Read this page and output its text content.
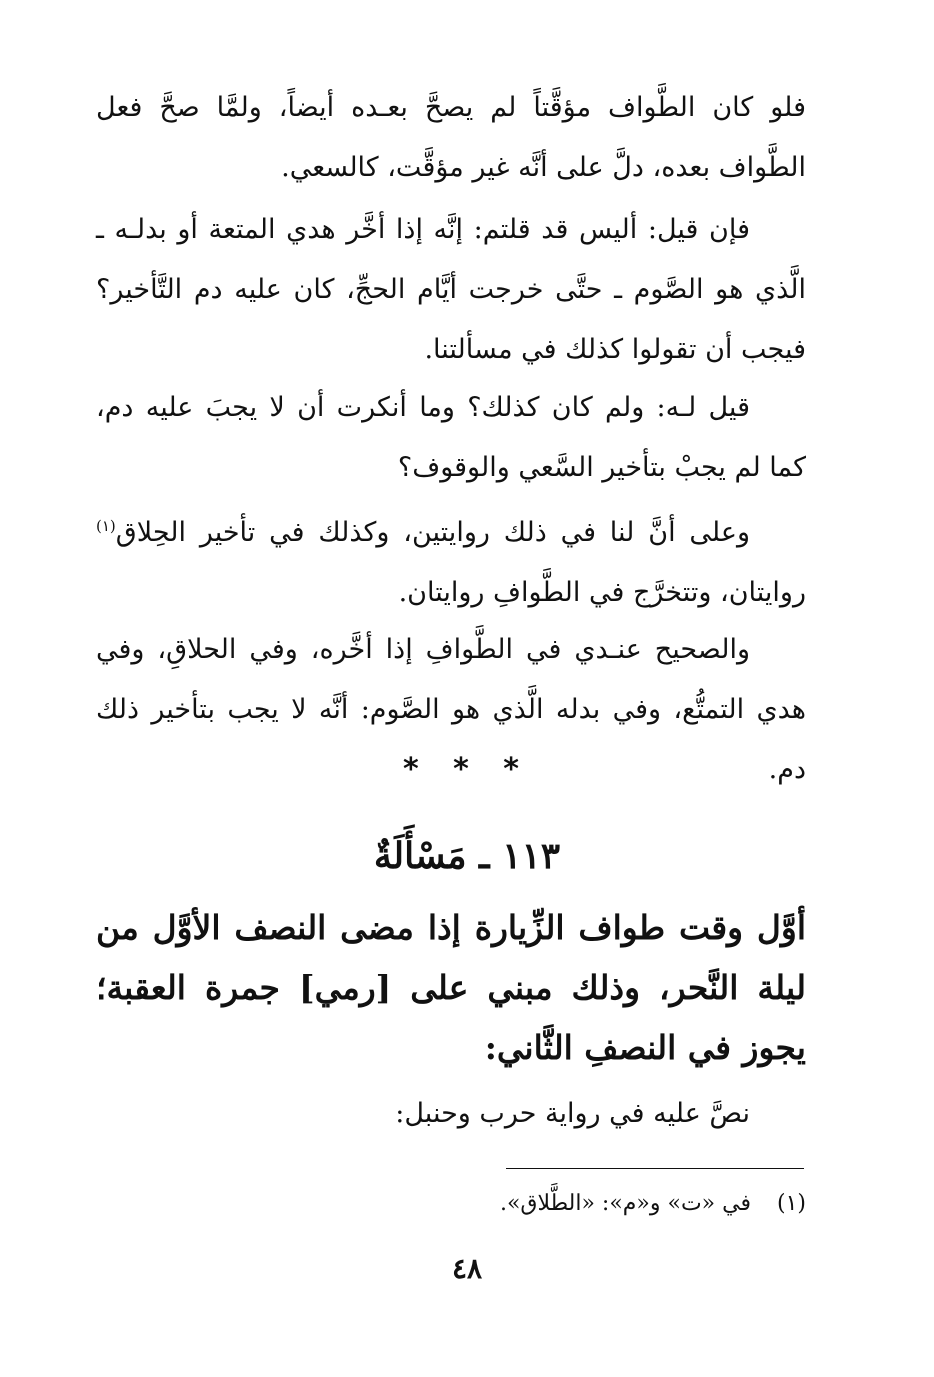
فلو كان الطَّواف مؤقَّتاً لم يصحَّ بعـده أيضاً، ولمَّا صحَّ فعل الطَّواف بعده، دلَّ على أنَّه غير مؤقَّت، كالسعي.

فإن قيل: أليس قد قلتم: إنَّه إذا أخَّر هدي المتعة أو بدلـه ـ الَّذي هو الصَّوم ـ حتَّى خرجت أيَّام الحجِّ، كان عليه دم التَّأخير؟ فيجب أن تقولوا كذلك في مسألتنا.

قيل لـه: ولم كان كذلك؟ وما أنكرت أن لا يجبَ عليه دم، كما لم يجبْ بتأخير السَّعي والوقوف؟

وعلى أنَّ لنا في ذلك روايتين، وكذلك في تأخير الحِلاق$^{(١)}$ روايتان، وتتخرَّج في الطَّوافِ روايتان.

والصحيح عنـدي في الطَّوافِ إذا أخَّره، وفي الحلاقِ، وفي هدي التمتُّع، وفي بدله الَّذي هو الصَّوم: أنَّه لا يجب بتأخير ذلك دم.

* * *
١١٣ ـ مَسْأَلَةٌ

أوَّل وقت طواف الزِّيارة إذا مضى النصف الأوَّل من ليلة النَّحر، وذلك مبني على [رمي] جمرة العقبة؛ يجوز في النصفِ الثَّاني:

نصَّ عليه في رواية حرب وحنبل:

(١)في «ت» و«م»: «الطَّلاق».
٤٨
